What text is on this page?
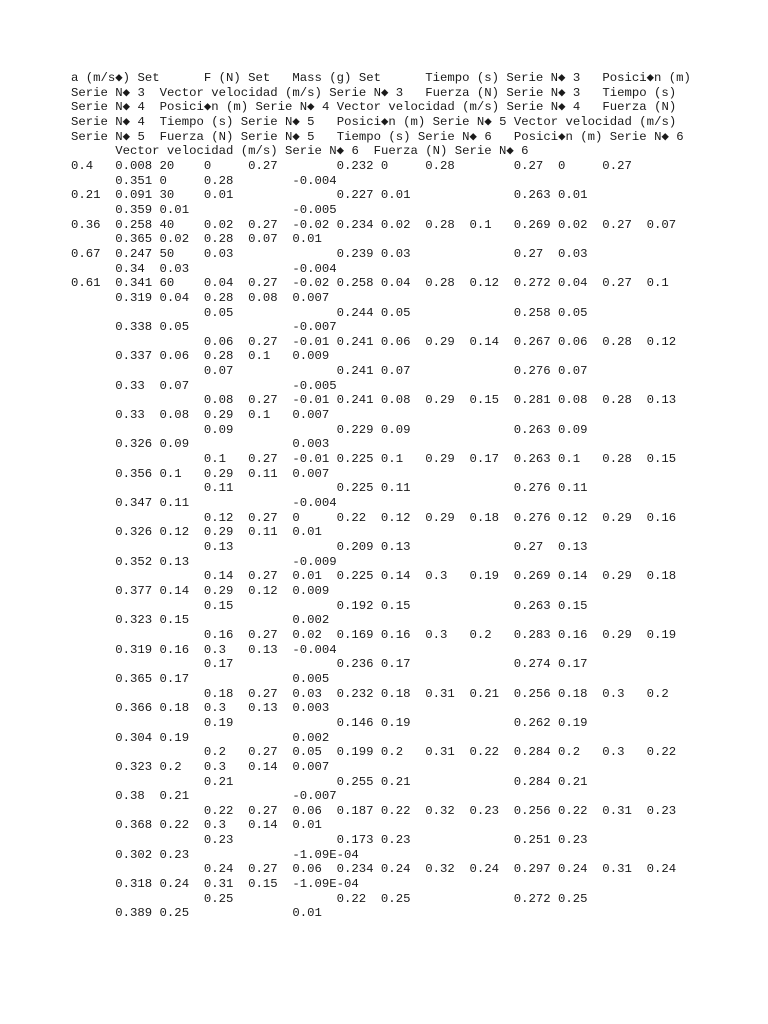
a (m/s◆) Set      F (N) Set   Mass (g) Set      Tiempo (s) Serie N◆ 3   Posici◆n (m)
Serie N◆ 3  Vector velocidad (m/s) Serie N◆ 3   Fuerza (N) Serie N◆ 3   Tiempo (s)
Serie N◆ 4  Posici◆n (m) Serie N◆ 4 Vector velocidad (m/s) Serie N◆ 4   Fuerza (N)
Serie N◆ 4  Tiempo (s) Serie N◆ 5   Posici◆n (m) Serie N◆ 5 Vector velocidad (m/s)
Serie N◆ 5  Fuerza (N) Serie N◆ 5   Tiempo (s) Serie N◆ 6   Posici◆n (m) Serie N◆ 6
Vector velocidad (m/s) Serie N◆ 6  Fuerza (N) Serie N◆ 6
0.4   0.008 20    0     0.27        0.232 0     0.28        0.27  0     0.27
0.351 0     0.28        -0.004
0.21  0.091 30    0.01              0.227 0.01              0.263 0.01
0.359 0.01              -0.005
0.36  0.258 40    0.02  0.27  -0.02 0.234 0.02  0.28  0.1   0.269 0.02  0.27  0.07
0.365 0.02  0.28  0.07  0.01
0.67  0.247 50    0.03              0.239 0.03              0.27  0.03
0.34  0.03              -0.004
0.61  0.341 60    0.04  0.27  -0.02 0.258 0.04  0.28  0.12  0.272 0.04  0.27  0.1
0.319 0.04  0.28  0.08  0.007
0.05              0.244 0.05              0.258 0.05
0.338 0.05              -0.007
0.06  0.27  -0.01 0.241 0.06  0.29  0.14  0.267 0.06  0.28  0.12
0.337 0.06  0.28  0.1   0.009
0.07              0.241 0.07              0.276 0.07
0.33  0.07              -0.005
0.08  0.27  -0.01 0.241 0.08  0.29  0.15  0.281 0.08  0.28  0.13
0.33  0.08  0.29  0.1   0.007
0.09              0.229 0.09              0.263 0.09
0.326 0.09              0.003
0.1   0.27  -0.01 0.225 0.1   0.29  0.17  0.263 0.1   0.28  0.15
0.356 0.1   0.29  0.11  0.007
0.11              0.225 0.11              0.276 0.11
0.347 0.11              -0.004
0.12  0.27  0     0.22  0.12  0.29  0.18  0.276 0.12  0.29  0.16
0.326 0.12  0.29  0.11  0.01
0.13              0.209 0.13              0.27  0.13
0.352 0.13              -0.009
0.14  0.27  0.01  0.225 0.14  0.3   0.19  0.269 0.14  0.29  0.18
0.377 0.14  0.29  0.12  0.009
0.15              0.192 0.15              0.263 0.15
0.323 0.15              0.002
0.16  0.27  0.02  0.169 0.16  0.3   0.2   0.283 0.16  0.29  0.19
0.319 0.16  0.3   0.13  -0.004
0.17              0.236 0.17              0.274 0.17
0.365 0.17              0.005
0.18  0.27  0.03  0.232 0.18  0.31  0.21  0.256 0.18  0.3   0.2
0.366 0.18  0.3   0.13  0.003
0.19              0.146 0.19              0.262 0.19
0.304 0.19              0.002
0.2   0.27  0.05  0.199 0.2   0.31  0.22  0.284 0.2   0.3   0.22
0.323 0.2   0.3   0.14  0.007
0.21              0.255 0.21              0.284 0.21
0.38  0.21              -0.007
0.22  0.27  0.06  0.187 0.22  0.32  0.23  0.256 0.22  0.31  0.23
0.368 0.22  0.3   0.14  0.01
0.23              0.173 0.23              0.251 0.23
0.302 0.23              -1.09E-04
0.24  0.27  0.06  0.234 0.24  0.32  0.24  0.297 0.24  0.31  0.24
0.318 0.24  0.31  0.15  -1.09E-04
0.25              0.22  0.25              0.272 0.25
0.389 0.25              0.01
